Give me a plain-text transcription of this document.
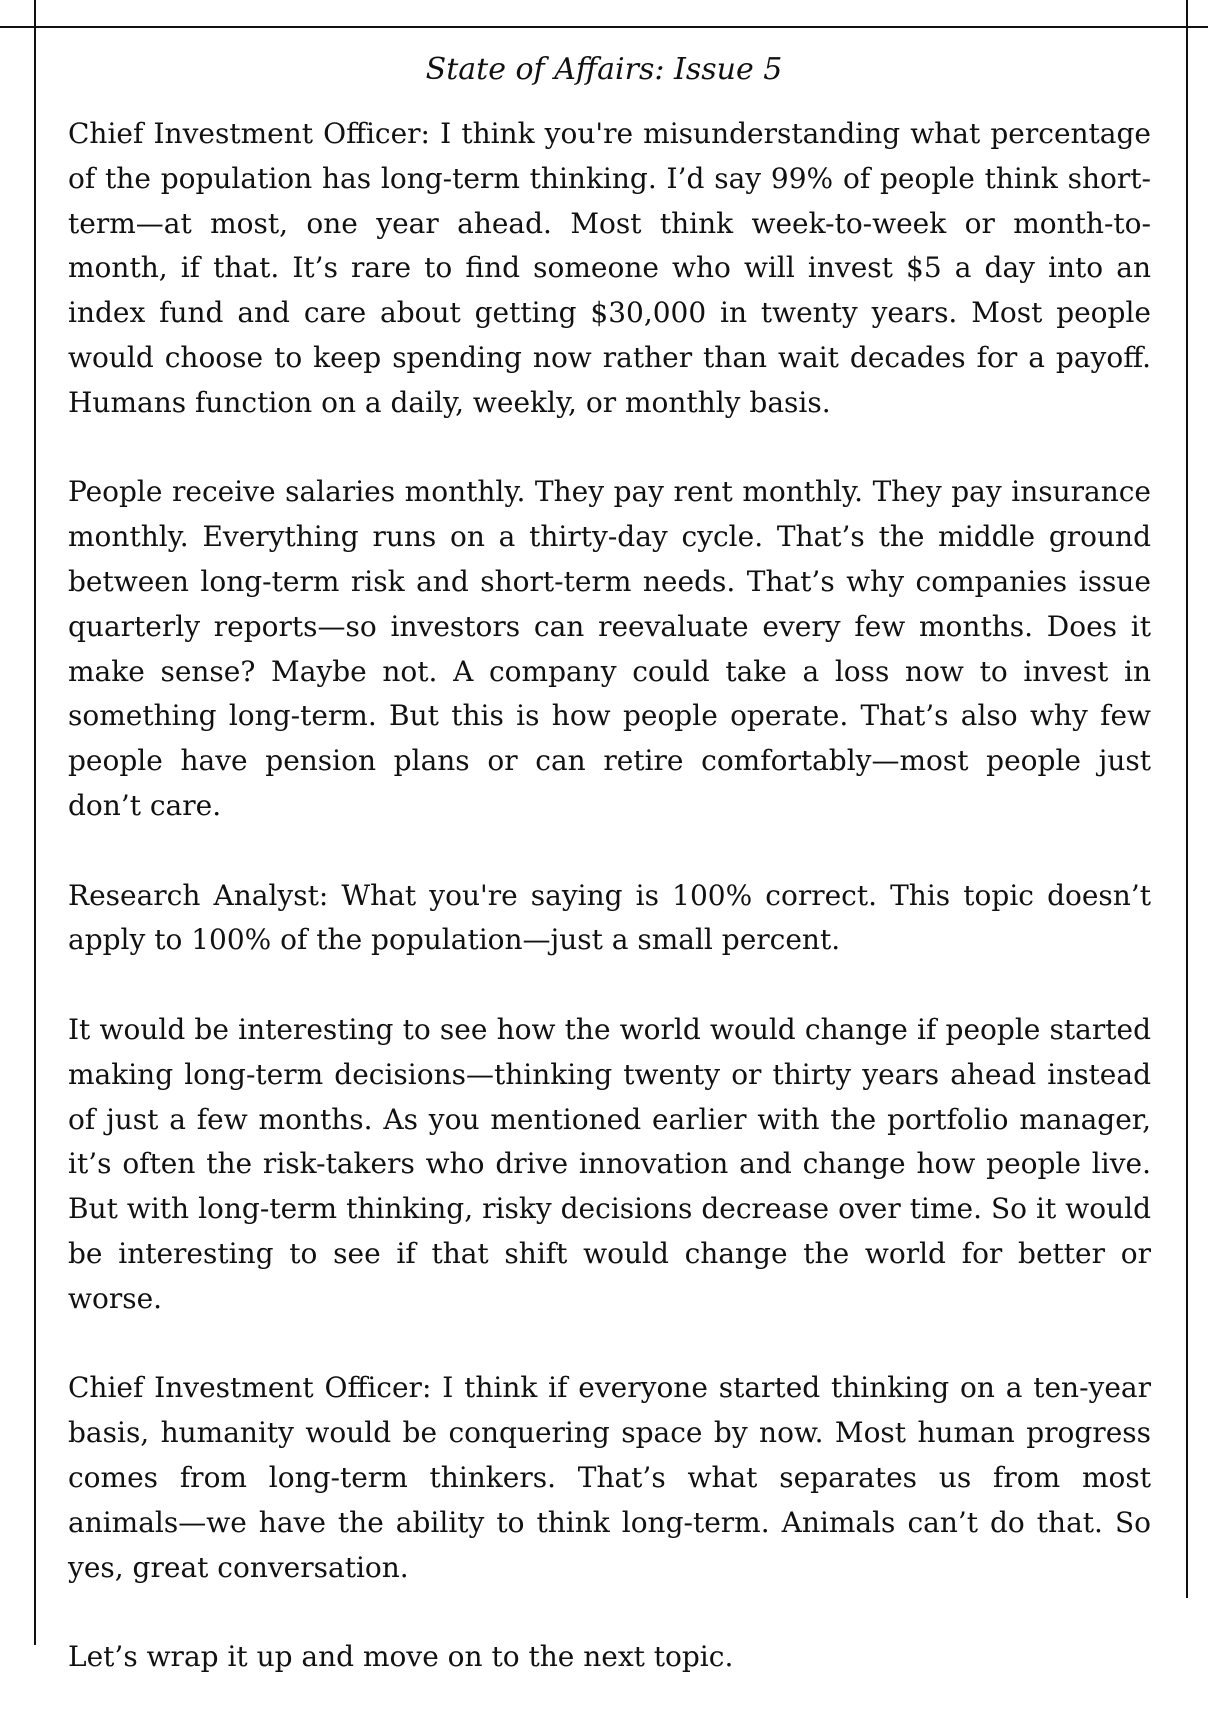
State of Affairs: Issue 5

Chief Investment Officer: I think you're misunderstanding what percentage of the population has long-term thinking. I’d say 99% of people think short-term—at most, one year ahead. Most think week-to-week or month-to-month, if that. It’s rare to find someone who will invest $5 a day into an index fund and care about getting $30,000 in twenty years. Most people would choose to keep spending now rather than wait decades for a payoff. Humans function on a daily, weekly, or monthly basis.

People receive salaries monthly. They pay rent monthly. They pay insurance monthly. Everything runs on a thirty-day cycle. That’s the middle ground between long-term risk and short-term needs. That’s why companies issue quarterly reports—so investors can reevaluate every few months. Does it make sense? Maybe not. A company could take a loss now to invest in something long-term. But this is how people operate. That’s also why few people have pension plans or can retire comfortably—most people just don’t care.

Research Analyst: What you're saying is 100% correct. This topic doesn’t apply to 100% of the population—just a small percent.

It would be interesting to see how the world would change if people started making long-term decisions—thinking twenty or thirty years ahead instead of just a few months. As you mentioned earlier with the portfolio manager, it’s often the risk-takers who drive innovation and change how people live. But with long-term thinking, risky decisions decrease over time. So it would be interesting to see if that shift would change the world for better or worse.

Chief Investment Officer: I think if everyone started thinking on a ten-year basis, humanity would be conquering space by now. Most human progress comes from long-term thinkers. That’s what separates us from most animals—we have the ability to think long-term. Animals can’t do that. So yes, great conversation.

Let’s wrap it up and move on to the next topic.
